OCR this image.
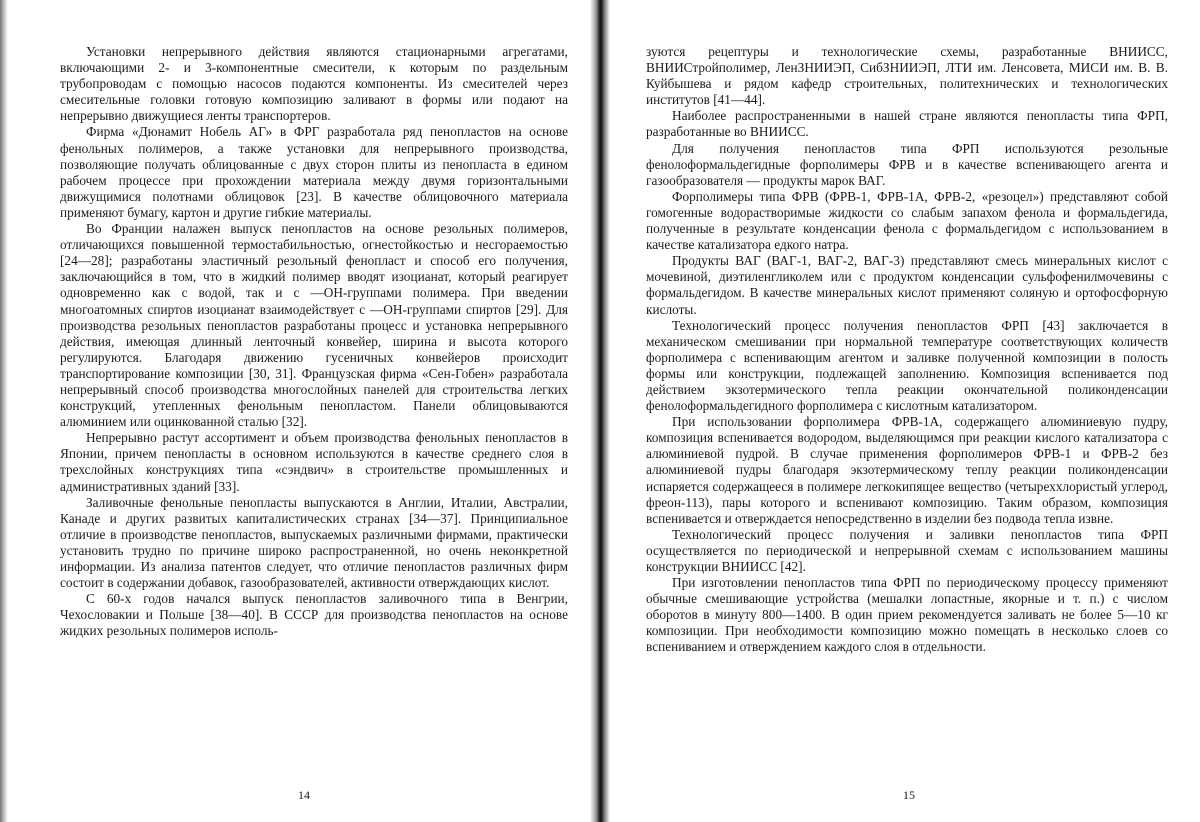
Установки непрерывного действия являются стационарными агрегатами, включающими 2- и 3-компонентные смесители, к которым по раздельным трубопроводам с помощью насосов подаются компоненты. Из смесителей через смесительные головки готовую композицию заливают в формы или подают на непрерывно движущиеся ленты транспортеров.

Фирма «Дюнамит Нобель АГ» в ФРГ разработала ряд пенопластов на основе фенольных полимеров, а также установки для непрерывного производства, позволяющие получать облицованные с двух сторон плиты из пенопласта в едином рабочем процессе при прохождении материала между двумя горизонтальными движущимися полотнами облицовок [23]. В качестве облицовочного материала применяют бумагу, картон и другие гибкие материалы.

Во Франции налажен выпуск пенопластов на основе резольных полимеров, отличающихся повышенной термостабильностью, огнестойкостью и несгораемостью [24—28]; разработаны эластичный резольный фенопласт и способ его получения, заключающийся в том, что в жидкий полимер вводят изоцианат, который реагирует одновременно как с водой, так и с —ОН-группами полимера. При введении многоатомных спиртов изоцианат взаимодействует с —ОН-группами спиртов [29]. Для производства резольных пенопластов разработаны процесс и установка непрерывного действия, имеющая длинный ленточный конвейер, ширина и высота которого регулируются. Благодаря движению гусеничных конвейеров происходит транспортирование композиции [30, 31]. Французская фирма «Сен-Гобен» разработала непрерывный способ производства многослойных панелей для строительства легких конструкций, утепленных фенольным пенопластом. Панели облицовываются алюминием или оцинкованной сталью [32].

Непрерывно растут ассортимент и объем производства фенольных пенопластов в Японии, причем пенопласты в основном используются в качестве среднего слоя в трехслойных конструкциях типа «сэндвич» в строительстве промышленных и административных зданий [33].

Заливочные фенольные пенопласты выпускаются в Англии, Италии, Австралии, Канаде и других развитых капиталистических странах [34—37]. Принципиальное отличие в производстве пенопластов, выпускаемых различными фирмами, практически установить трудно по причине широко распространенной, но очень неконкретной информации. Из анализа патентов следует, что отличие пенопластов различных фирм состоит в содержании добавок, газообразователей, активности отверждающих кислот.

С 60-х годов начался выпуск пенопластов заливочного типа в Венгрии, Чехословакии и Польше [38—40]. В СССР для производства пенопластов на основе жидких резольных полимеров исполь-

14

зуются рецептуры и технологические схемы, разработанные ВНИИСС, ВНИИСтройполимер, ЛенЗНИИЭП, СибЗНИИЭП, ЛТИ им. Ленсовета, МИСИ им. В. В. Куйбышева и рядом кафедр строительных, политехнических и технологических институтов [41—44].

Наиболее распространенными в нашей стране являются пенопласты типа ФРП, разработанные во ВНИИСС.

Для получения пенопластов типа ФРП используются резольные фенолоформальдегидные форполимеры ФРВ и в качестве вспенивающего агента и газообразователя — продукты марок ВАГ.

Форполимеры типа ФРВ (ФРВ-1, ФРВ-1А, ФРВ-2, «резоцел») представляют собой гомогенные водорастворимые жидкости со слабым запахом фенола и формальдегида, полученные в результате конденсации фенола с формальдегидом с использованием в качестве катализатора едкого натра.

Продукты ВАГ (ВАГ-1, ВАГ-2, ВАГ-3) представляют смесь минеральных кислот с мочевиной, диэтиленгликолем или с продуктом конденсации сульфофенилмочевины с формальдегидом. В качестве минеральных кислот применяют соляную и ортофосфорную кислоты.

Технологический процесс получения пенопластов ФРП [43] заключается в механическом смешивании при нормальной температуре соответствующих количеств форполимера с вспенивающим агентом и заливке полученной композиции в полость формы или конструкции, подлежащей заполнению. Композиция вспенивается под действием экзотермического тепла реакции окончательной поликонденсации фенолоформальдегидного форполимера с кислотным катализатором.

При использовании форполимера ФРВ-1А, содержащего алюминиевую пудру, композиция вспенивается водородом, выделяющимся при реакции кислого катализатора с алюминиевой пудрой. В случае применения форполимеров ФРВ-1 и ФРВ-2 без алюминиевой пудры благодаря экзотермическому теплу реакции поликонденсации испаряется содержащееся в полимере легкокипящее вещество (четыреххлористый углерод, фреон-113), пары которого и вспенивают композицию. Таким образом, композиция вспенивается и отверждается непосредственно в изделии без подвода тепла извне.

Технологический процесс получения и заливки пенопластов типа ФРП осуществляется по периодической и непрерывной схемам с использованием машины конструкции ВНИИСС [42].

При изготовлении пенопластов типа ФРП по периодическому процессу применяют обычные смешивающие устройства (мешалки лопастные, якорные и т. п.) с числом оборотов в минуту 800—1400. В один прием рекомендуется заливать не более 5—10 кг композиции. При необходимости композицию можно помещать в несколько слоев со вспениванием и отверждением каждого слоя в отдельности.

15
